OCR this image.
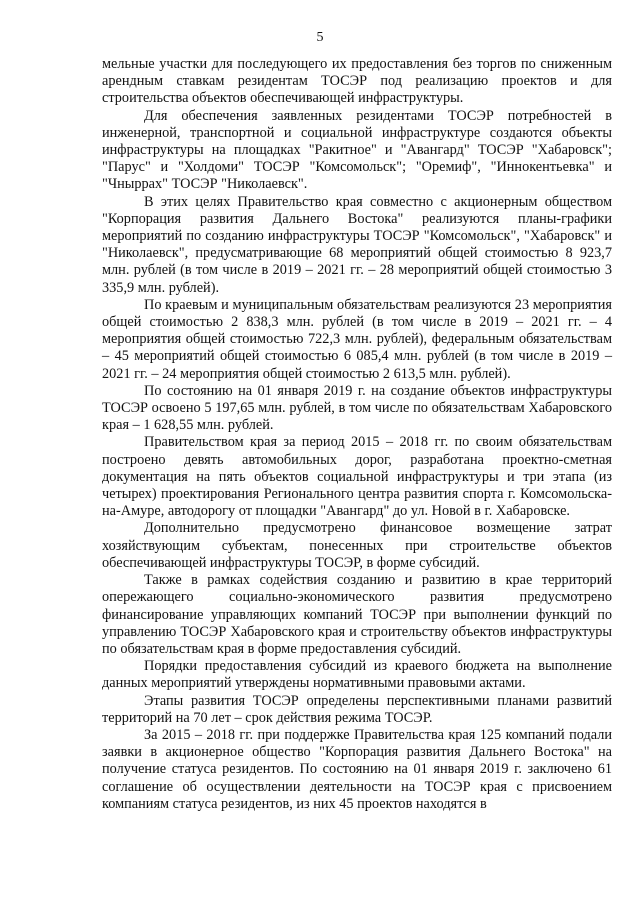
5

мельные участки для последующего их предоставления без торгов по сниженным арендным ставкам резидентам ТОСЭР под реализацию проектов и для строительства объектов обеспечивающей инфраструктуры.

Для обеспечения заявленных резидентами ТОСЭР потребностей в инженерной, транспортной и социальной инфраструктуре создаются объекты инфраструктуры на площадках "Ракитное" и "Авангард" ТОСЭР "Хабаровск"; "Парус" и "Холдоми" ТОСЭР "Комсомольск"; "Оремиф", "Иннокентьевка" и "Чныррах" ТОСЭР "Николаевск".

В этих целях Правительство края совместно с акционерным обществом "Корпорация развития Дальнего Востока" реализуются планы-графики мероприятий по созданию инфраструктуры ТОСЭР "Комсомольск", "Хабаровск" и "Николаевск", предусматривающие 68 мероприятий общей стоимостью 8 923,7 млн. рублей (в том числе в 2019 – 2021 гг. – 28 мероприятий общей стоимостью 3 335,9 млн. рублей).

По краевым и муниципальным обязательствам реализуются 23 мероприятия общей стоимостью 2 838,3 млн. рублей (в том числе в 2019 – 2021 гг. – 4 мероприятия общей стоимостью 722,3 млн. рублей), федеральным обязательствам – 45 мероприятий общей стоимостью 6 085,4 млн. рублей (в том числе в 2019 – 2021 гг. – 24 мероприятия общей стоимостью 2 613,5 млн. рублей).

По состоянию на 01 января 2019 г. на создание объектов инфраструктуры ТОСЭР освоено 5 197,65 млн. рублей, в том числе по обязательствам Хабаровского края – 1 628,55 млн. рублей.

Правительством края за период 2015 – 2018 гг. по своим обязательствам построено девять автомобильных дорог, разработана проектно-сметная документация на пять объектов социальной инфраструктуры и три этапа (из четырех) проектирования Регионального центра развития спорта г. Комсомольска-на-Амуре, автодорогу от площадки "Авангард" до ул. Новой в г. Хабаровске.

Дополнительно предусмотрено финансовое возмещение затрат хозяйствующим субъектам, понесенных при строительстве объектов обеспечивающей инфраструктуры ТОСЭР, в форме субсидий.

Также в рамках содействия созданию и развитию в крае территорий опережающего социально-экономического развития предусмотрено финансирование управляющих компаний ТОСЭР при выполнении функций по управлению ТОСЭР Хабаровского края и строительству объектов инфраструктуры по обязательствам края в форме предоставления субсидий.

Порядки предоставления субсидий из краевого бюджета на выполнение данных мероприятий утверждены нормативными правовыми актами.

Этапы развития ТОСЭР определены перспективными планами развитий территорий на 70 лет – срок действия режима ТОСЭР.

За 2015 – 2018 гг. при поддержке Правительства края 125 компаний подали заявки в акционерное общество "Корпорация развития Дальнего Востока" на получение статуса резидентов. По состоянию на 01 января 2019 г. заключено 61 соглашение об осуществлении деятельности на ТОСЭР края с присвоением компаниям статуса резидентов, из них 45 проектов находятся в
